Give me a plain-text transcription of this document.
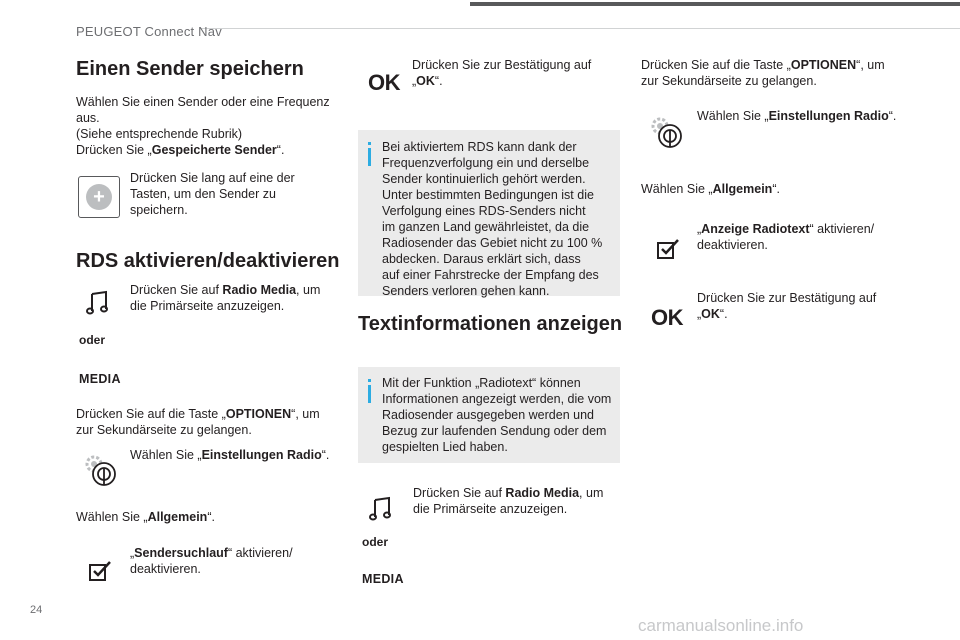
PEUGEOT Connect Nav
Einen Sender speichern
Wählen Sie einen Sender oder eine Frequenz
aus.
(Siehe entsprechende Rubrik)
Drücken Sie „Gespeicherte Sender“.
+
Drücken Sie lang auf eine der
Tasten, um den Sender zu
speichern.
RDS aktivieren/deaktivieren
Drücken Sie auf Radio Media, um
die Primärseite anzuzeigen.
oder
MEDIA
Drücken Sie auf die Taste „OPTIONEN“, um
zur Sekundärseite zu gelangen.
Wählen Sie „Einstellungen Radio“.
Wählen Sie „Allgemein“.
„Sendersuchlauf“ aktivieren/
deaktivieren.
OK
Drücken Sie zur Bestätigung auf
„OK“.
Bei aktiviertem RDS kann dank der
Frequenzverfolgung ein und derselbe
Sender kontinuierlich gehört werden.
Unter bestimmten Bedingungen ist die
Verfolgung eines RDS-Senders nicht
im ganzen Land gewährleistet, da die
Radiosender das Gebiet nicht zu 100 %
abdecken. Daraus erklärt sich, dass
auf einer Fahrstrecke der Empfang des
Senders verloren gehen kann.
Textinformationen anzeigen
Mit der Funktion „Radiotext“ können
Informationen angezeigt werden, die vom
Radiosender ausgegeben werden und
Bezug zur laufenden Sendung oder dem
gespielten Lied haben.
Drücken Sie auf Radio Media, um
die Primärseite anzuzeigen.
oder
MEDIA
Drücken Sie auf die Taste „OPTIONEN“, um
zur Sekundärseite zu gelangen.
Wählen Sie „Einstellungen Radio“.
Wählen Sie „Allgemein“.
„Anzeige Radiotext“ aktivieren/
deaktivieren.
OK
Drücken Sie zur Bestätigung auf
„OK“.
24
carmanualsonline.info
